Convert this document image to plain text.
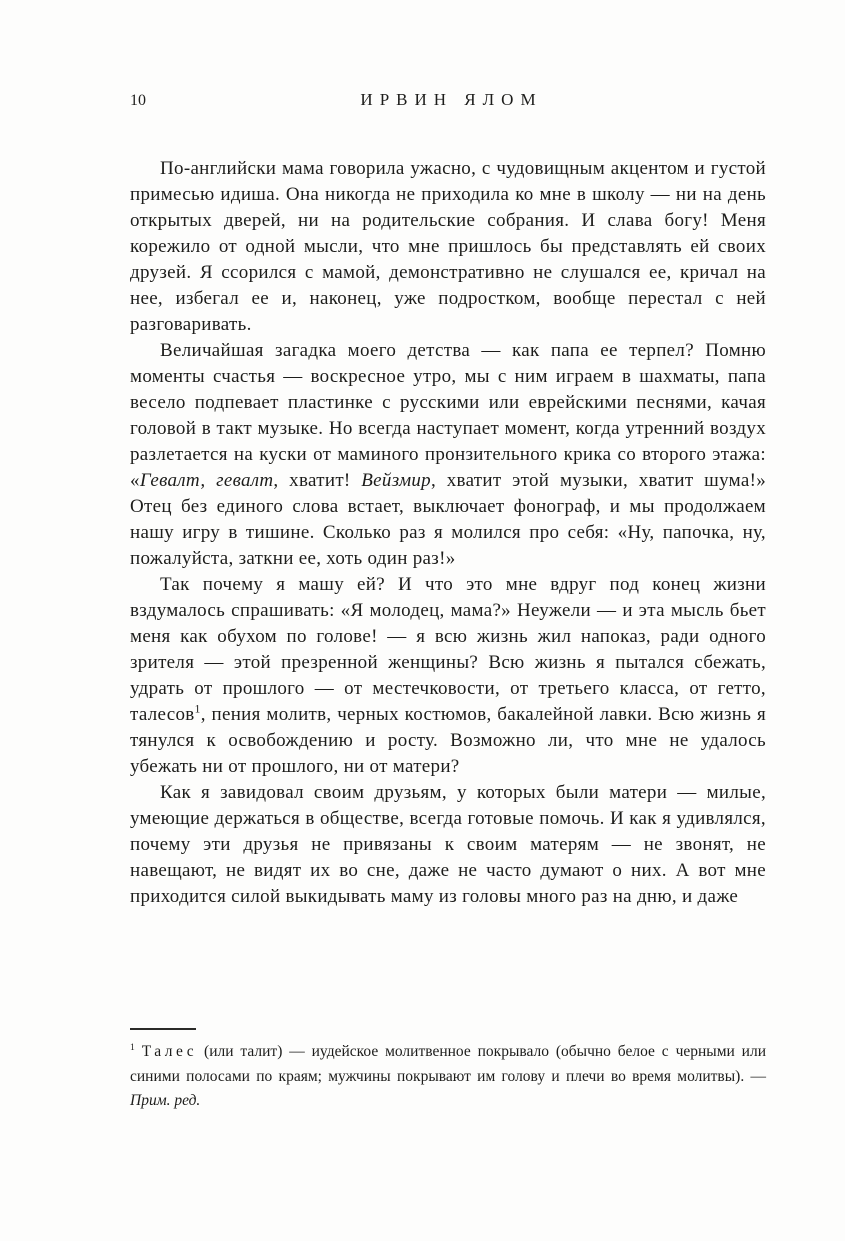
10	ИРВИН ЯЛОМ

По-английски мама говорила ужасно, с чудовищным акцентом и густой примесью идиша. Она никогда не приходила ко мне в школу — ни на день открытых дверей, ни на родительские собрания. И слава богу! Меня корежило от одной мысли, что мне пришлось бы представлять ей своих друзей. Я ссорился с мамой, демонстративно не слушался ее, кричал на нее, избегал ее и, наконец, уже подростком, вообще перестал с ней разговаривать.

Величайшая загадка моего детства — как папа ее терпел? Помню моменты счастья — воскресное утро, мы с ним играем в шахматы, папа весело подпевает пластинке с русскими или еврейскими песнями, качая головой в такт музыке. Но всегда наступает момент, когда утренний воздух разлетается на куски от маминого пронзительного крика со второго этажа: «Гевалт, гевалт, хватит! Вейзмир, хватит этой музыки, хватит шума!» Отец без единого слова встает, выключает фонограф, и мы продолжаем нашу игру в тишине. Сколько раз я молился про себя: «Ну, папочка, ну, пожалуйста, заткни ее, хоть один раз!»

Так почему я машу ей? И что это мне вдруг под конец жизни вздумалось спрашивать: «Я молодец, мама?» Неужели — и эта мысль бьет меня как обухом по голове! — я всю жизнь жил напоказ, ради одного зрителя — этой презренной женщины? Всю жизнь я пытался сбежать, удрать от прошлого — от местечковости, от третьего класса, от гетто, талесов$^1$, пения молитв, черных костюмов, бакалейной лавки. Всю жизнь я тянулся к освобождению и росту. Возможно ли, что мне не удалось убежать ни от прошлого, ни от матери?

Как я завидовал своим друзьям, у которых были матери — милые, умеющие держаться в обществе, всегда готовые помочь. И как я удивлялся, почему эти друзья не привязаны к своим матерям — не звонят, не навещают, не видят их во сне, даже не часто думают о них. А вот мне приходится силой выкидывать маму из головы много раз на дню, и даже

$^1$ Талес (или талит) — иудейское молитвенное покрывало (обычно белое с черными или синими полосами по краям; мужчины покрывают им голову и плечи во время молитвы). — Прим. ред.
